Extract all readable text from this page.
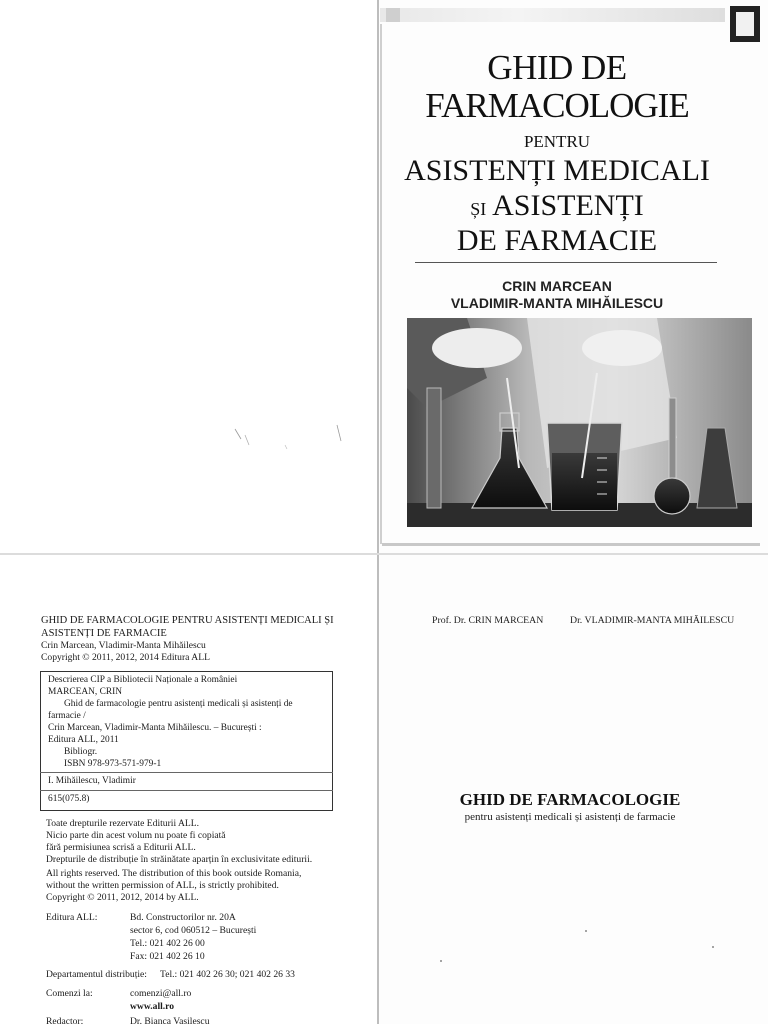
GHID DE
FARMACOLOGIE
PENTRU
ASISTENȚI MEDICALI
ȘI ASISTENȚI
DE FARMACIE
CRIN MARCEAN
VLADIMIR-MANTA MIHĂILESCU
GHID DE FARMACOLOGIE PENTRU ASISTENȚI MEDICALI ȘI ASISTENȚI DE FARMACIE
Crin Marcean, Vladimir-Manta Mihăilescu
Copyright © 2011, 2012, 2014 Editura ALL
Descrierea CIP a Bibliotecii Naționale a României
MARCEAN, CRIN
Ghid de farmacologie pentru asistenți medicali și asistenți de
farmacie /
Crin Marcean, Vladimir-Manta Mihăilescu. – București :
Editura ALL, 2011
Bibliogr.
ISBN 978-973-571-979-1
I. Mihăilescu, Vladimir
615(075.8)
Toate drepturile rezervate Editurii ALL.
Nicio parte din acest volum nu poate fi copiată
fără permisiunea scrisă a Editurii ALL.
Drepturile de distribuție în străinătate aparțin în exclusivitate editurii.
All rights reserved. The distribution of this book outside Romania,
without the written permission of ALL, is strictly prohibited.
Copyright © 2011, 2012, 2014 by ALL.
Editura ALL:	Bd. Constructorilor nr. 20A
sector 6, cod 060512 – București
Tel.: 021 402 26 00
Fax: 021 402 26 10
Departamentul distribuție: Tel.: 021 402 26 30; 021 402 26 33
Comenzi la:	comenzi@all.ro
www.all.ro
Redactor:	Dr. Bianca Vasilescu
Prof. Dr. CRIN MARCEAN	Dr. VLADIMIR-MANTA MIHĂILESCU
GHID DE FARMACOLOGIE
pentru asistenți medicali și asistenți de farmacie
